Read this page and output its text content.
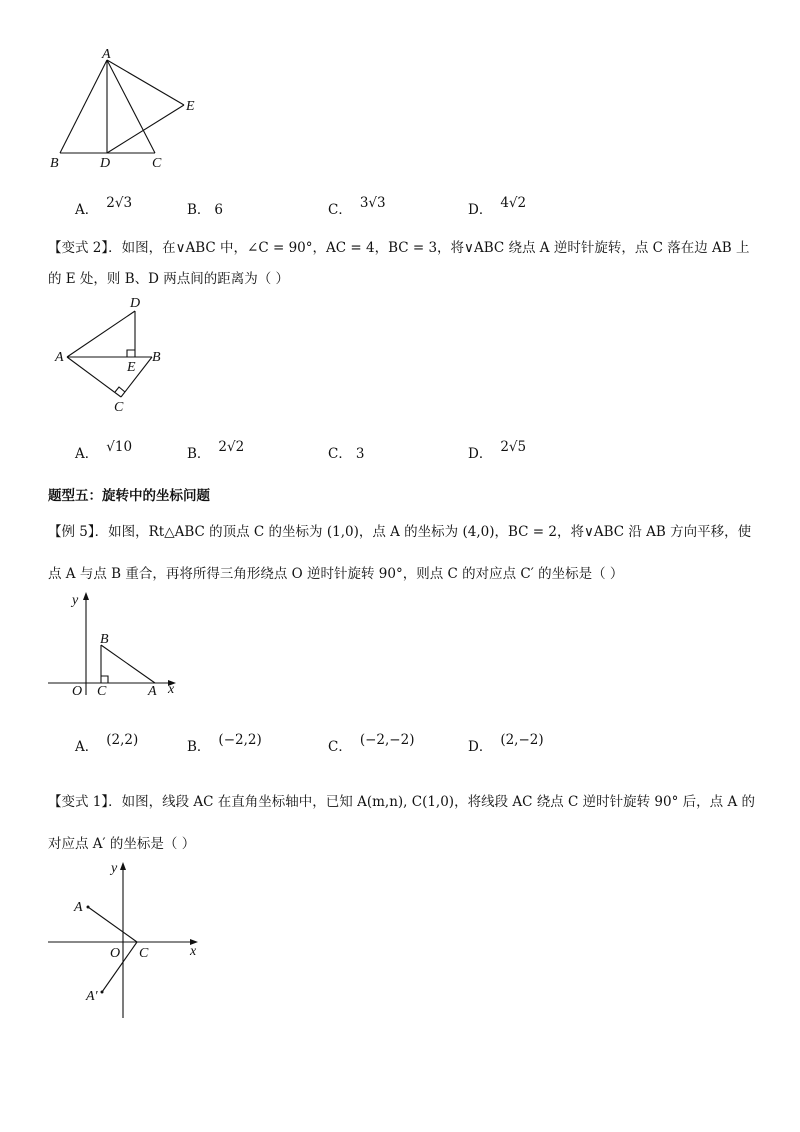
A
E
B	D	C
A． 2√3	B． 6	C． 3√3	D． 4√2
【变式 2】．如图，在∨ABC 中，∠C = 90°，AC = 4，BC = 3，将∨ABC 绕点 A 逆时针旋转，点 C 落在边 AB 上
的 E 处，则 B、D 两点间的距离为（ ）
D
A	B
E
C
A． √10	B． 2√2	C． 3	D． 2√5
题型五：旋转中的坐标问题
【例 5】．如图，Rt△ABC 的顶点 C 的坐标为 (1,0)，点 A 的坐标为 (4,0)，BC = 2，将∨ABC 沿 AB 方向平移，使
点 A 与点 B 重合，再将所得三角形绕点 O 逆时针旋转 90°，则点 C 的对应点 C′ 的坐标是（ ）
y
x
O
B
C	A
A． (2,2)	B． (−2,2)	C． (−2,−2)	D． (2,−2)
【变式 1】．如图，线段 AC 在直角坐标轴中，已知 A(m,n), C(1,0)，将线段 AC 绕点 C 逆时针旋转 90° 后，点 A 的
对应点 A′ 的坐标是（ ）
y
x
A
O C
A′
